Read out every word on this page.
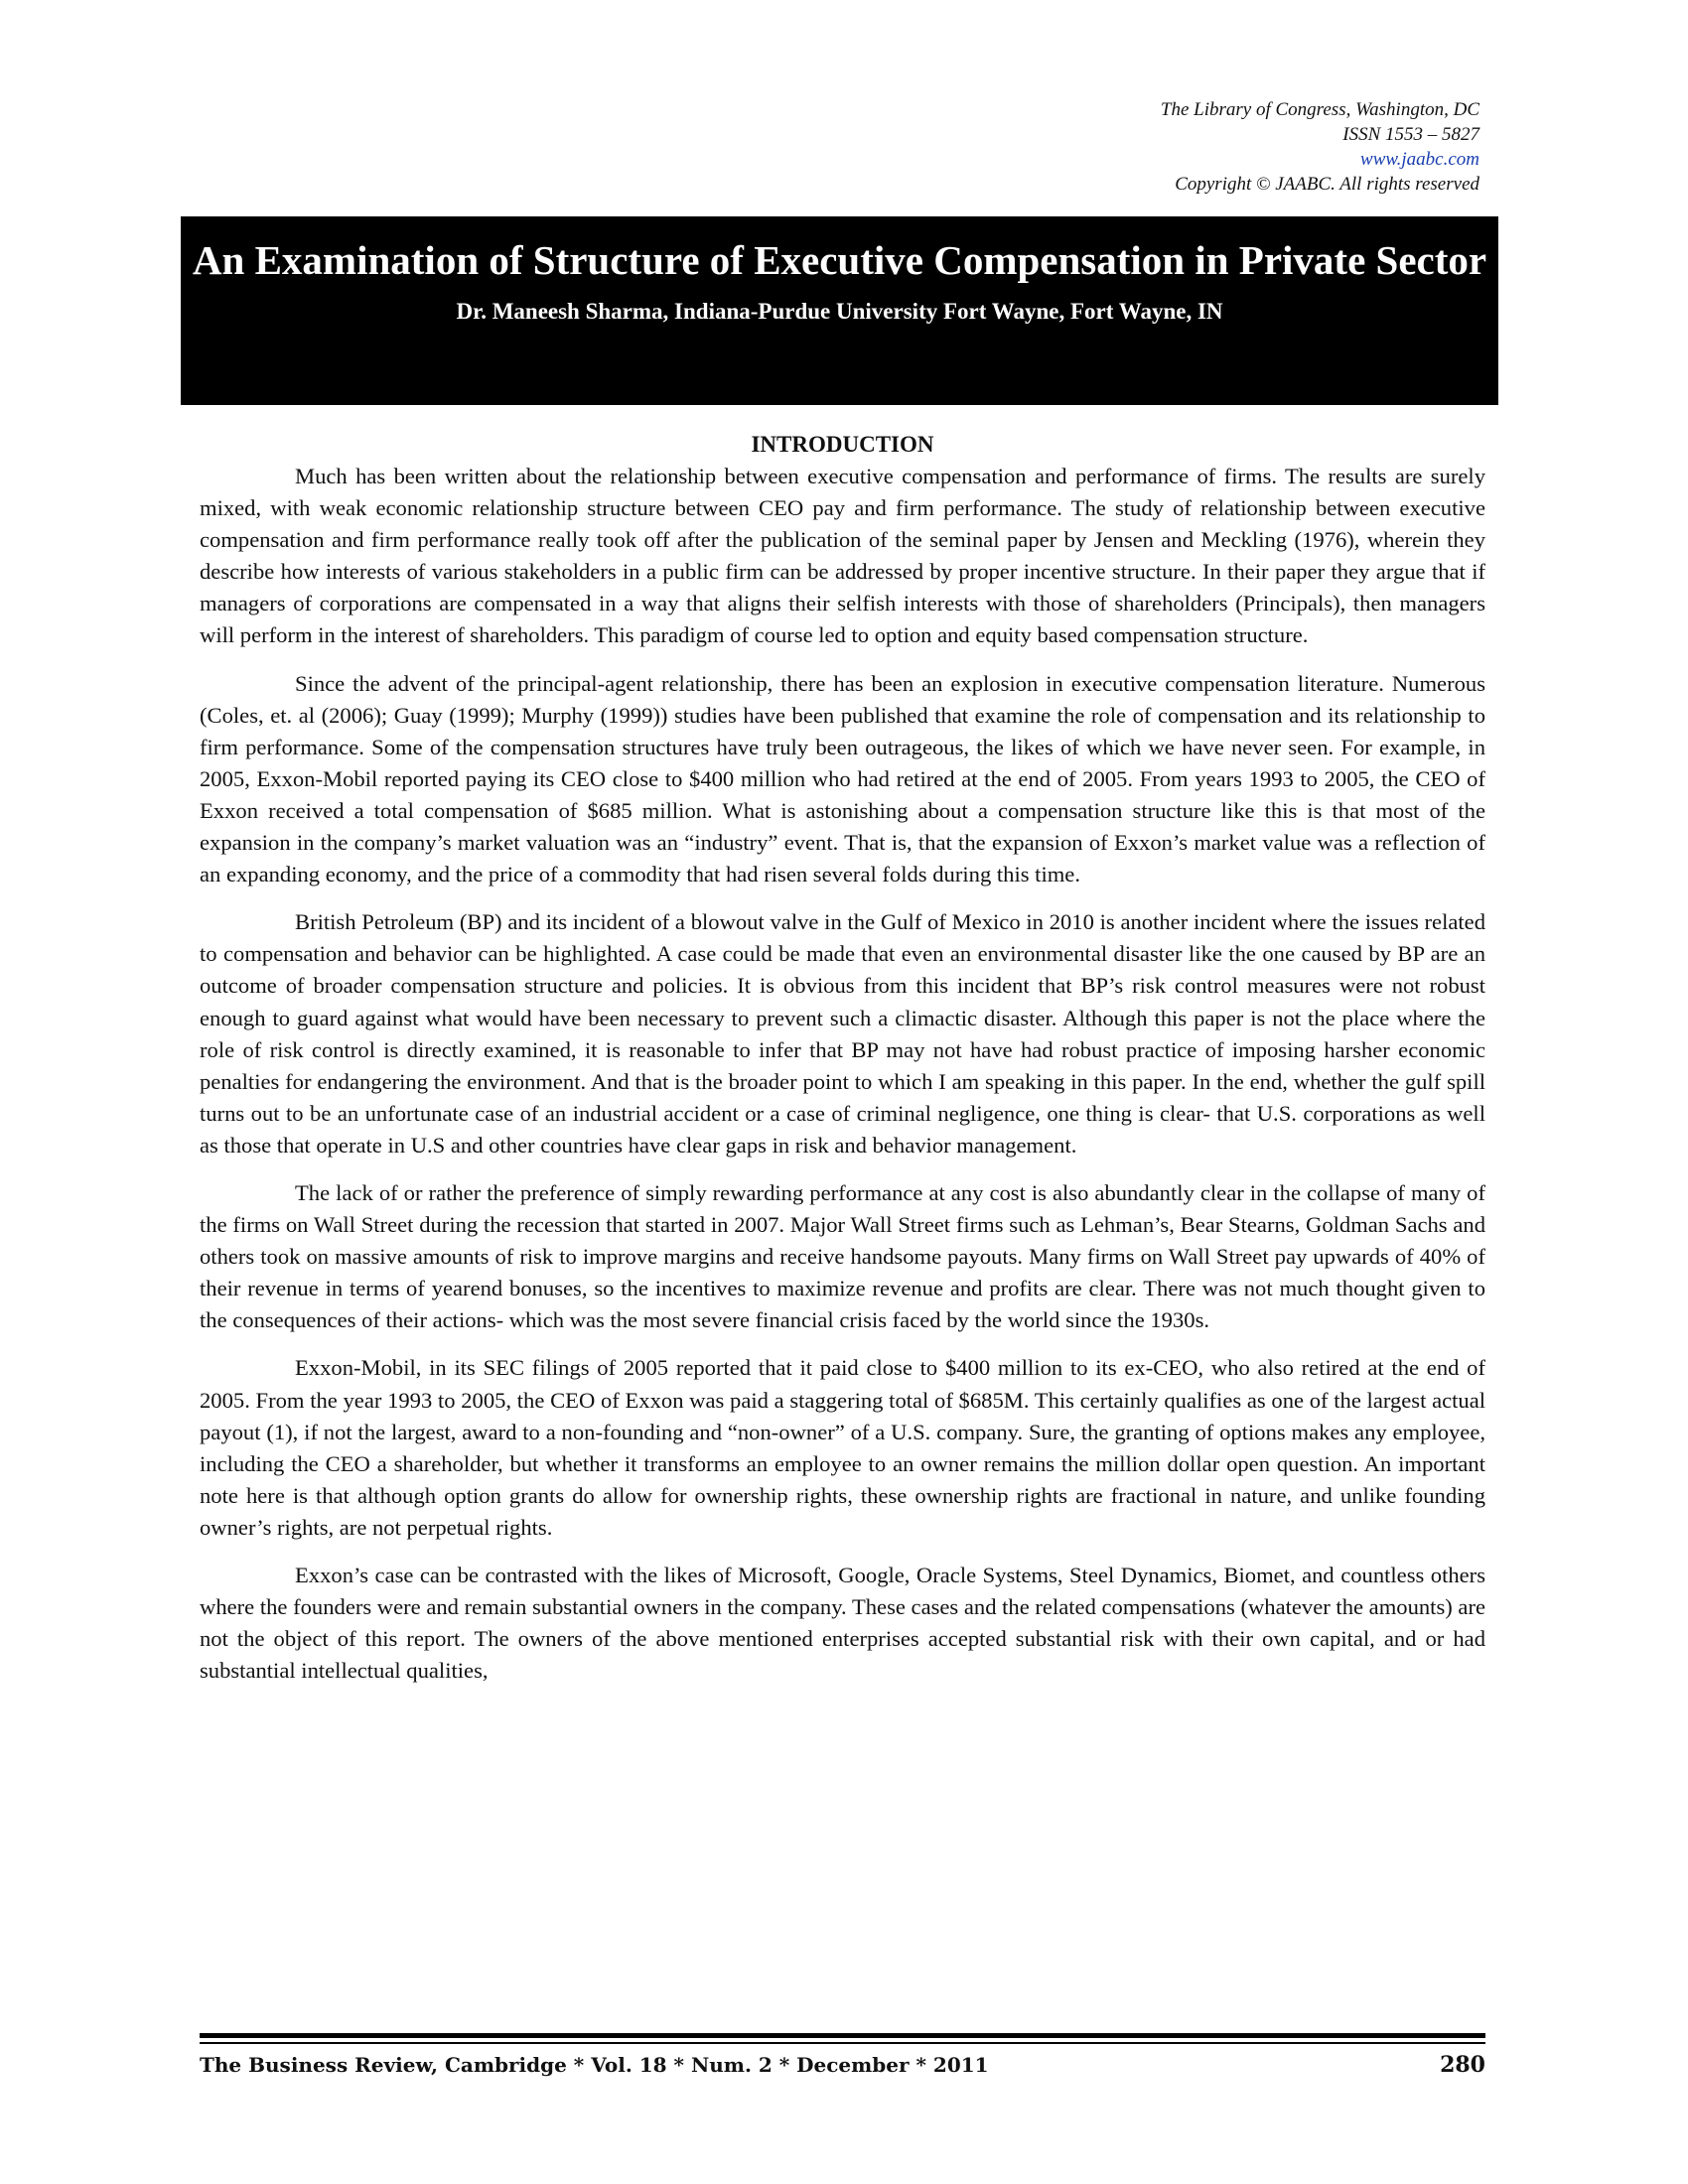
The Library of Congress, Washington, DC
ISSN 1553 – 5827
www.jaabc.com
Copyright © JAABC. All rights reserved
An Examination of Structure of Executive Compensation in Private Sector
Dr. Maneesh Sharma, Indiana-Purdue University Fort Wayne, Fort Wayne, IN
INTRODUCTION

Much has been written about the relationship between executive compensation and performance of firms. The results are surely mixed, with weak economic relationship structure between CEO pay and firm performance. The study of relationship between executive compensation and firm performance really took off after the publication of the seminal paper by Jensen and Meckling (1976), wherein they describe how interests of various stakeholders in a public firm can be addressed by proper incentive structure. In their paper they argue that if managers of corporations are compensated in a way that aligns their selfish interests with those of shareholders (Principals), then managers will perform in the interest of shareholders. This paradigm of course led to option and equity based compensation structure.

Since the advent of the principal-agent relationship, there has been an explosion in executive compensation literature. Numerous (Coles, et. al (2006); Guay (1999); Murphy (1999)) studies have been published that examine the role of compensation and its relationship to firm performance. Some of the compensation structures have truly been outrageous, the likes of which we have never seen. For example, in 2005, Exxon-Mobil reported paying its CEO close to $400 million who had retired at the end of 2005. From years 1993 to 2005, the CEO of Exxon received a total compensation of $685 million. What is astonishing about a compensation structure like this is that most of the expansion in the company’s market valuation was an “industry” event. That is, that the expansion of Exxon’s market value was a reflection of an expanding economy, and the price of a commodity that had risen several folds during this time.

British Petroleum (BP) and its incident of a blowout valve in the Gulf of Mexico in 2010 is another incident where the issues related to compensation and behavior can be highlighted. A case could be made that even an environmental disaster like the one caused by BP are an outcome of broader compensation structure and policies. It is obvious from this incident that BP’s risk control measures were not robust enough to guard against what would have been necessary to prevent such a climactic disaster. Although this paper is not the place where the role of risk control is directly examined, it is reasonable to infer that BP may not have had robust practice of imposing harsher economic penalties for endangering the environment. And that is the broader point to which I am speaking in this paper. In the end, whether the gulf spill turns out to be an unfortunate case of an industrial accident or a case of criminal negligence, one thing is clear- that U.S. corporations as well as those that operate in U.S and other countries have clear gaps in risk and behavior management.

The lack of or rather the preference of simply rewarding performance at any cost is also abundantly clear in the collapse of many of the firms on Wall Street during the recession that started in 2007. Major Wall Street firms such as Lehman’s, Bear Stearns, Goldman Sachs and others took on massive amounts of risk to improve margins and receive handsome payouts. Many firms on Wall Street pay upwards of 40% of their revenue in terms of yearend bonuses, so the incentives to maximize revenue and profits are clear. There was not much thought given to the consequences of their actions- which was the most severe financial crisis faced by the world since the 1930s.

Exxon-Mobil, in its SEC filings of 2005 reported that it paid close to $400 million to its ex-CEO, who also retired at the end of 2005. From the year 1993 to 2005, the CEO of Exxon was paid a staggering total of $685M. This certainly qualifies as one of the largest actual payout (1), if not the largest, award to a non-founding and “non-owner” of a U.S. company. Sure, the granting of options makes any employee, including the CEO a shareholder, but whether it transforms an employee to an owner remains the million dollar open question. An important note here is that although option grants do allow for ownership rights, these ownership rights are fractional in nature, and unlike founding owner’s rights, are not perpetual rights.

Exxon’s case can be contrasted with the likes of Microsoft, Google, Oracle Systems, Steel Dynamics, Biomet, and countless others where the founders were and remain substantial owners in the company. These cases and the related compensations (whatever the amounts) are not the object of this report. The owners of the above mentioned enterprises accepted substantial risk with their own capital, and or had substantial intellectual qualities,

The Business Review, Cambridge * Vol. 18 * Num. 2 * December * 2011	280
